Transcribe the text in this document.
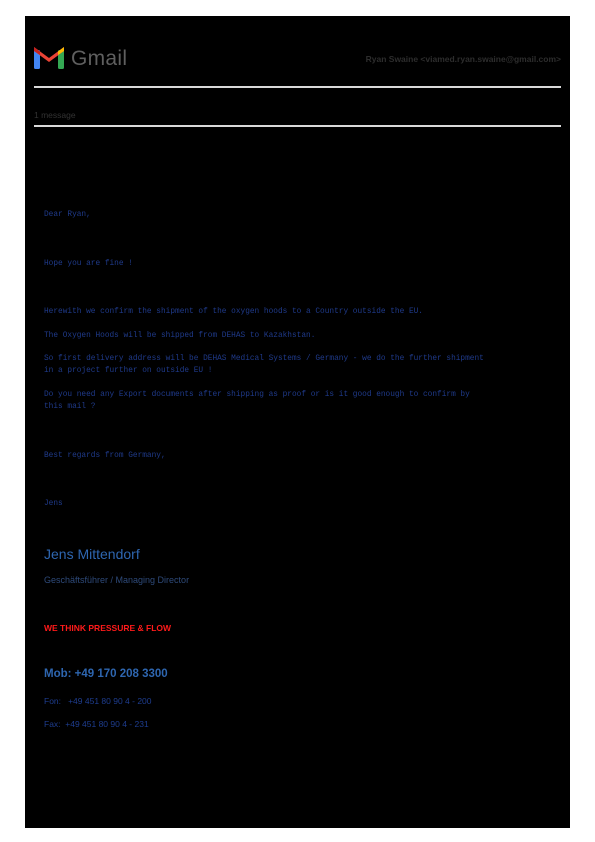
Gmail	Ryan Swaine <viamed.ryan.swaine@gmail.com>
1 message
Dear Ryan,
Hope you are fine !
Herewith we confirm the shipment of the oxygen hoods to a Country outside the EU.
The Oxygen Hoods will be shipped from DEHAS to Kazakhstan.
So first delivery address will be DEHAS Medical Systems / Germany - we do the further shipment
in a project further on outside EU !
Do you need any Export documents after shipping as proof or is it good enough to confirm by
this mail ?
Best regards from Germany,
Jens
Jens Mittendorf
Geschäftsführer / Managing Director
WE THINK PRESSURE & FLOW
Mob: +49 170 208 3300
Fon:   +49 451 80 90 4 - 200
Fax:  +49 451 80 90 4 - 231
